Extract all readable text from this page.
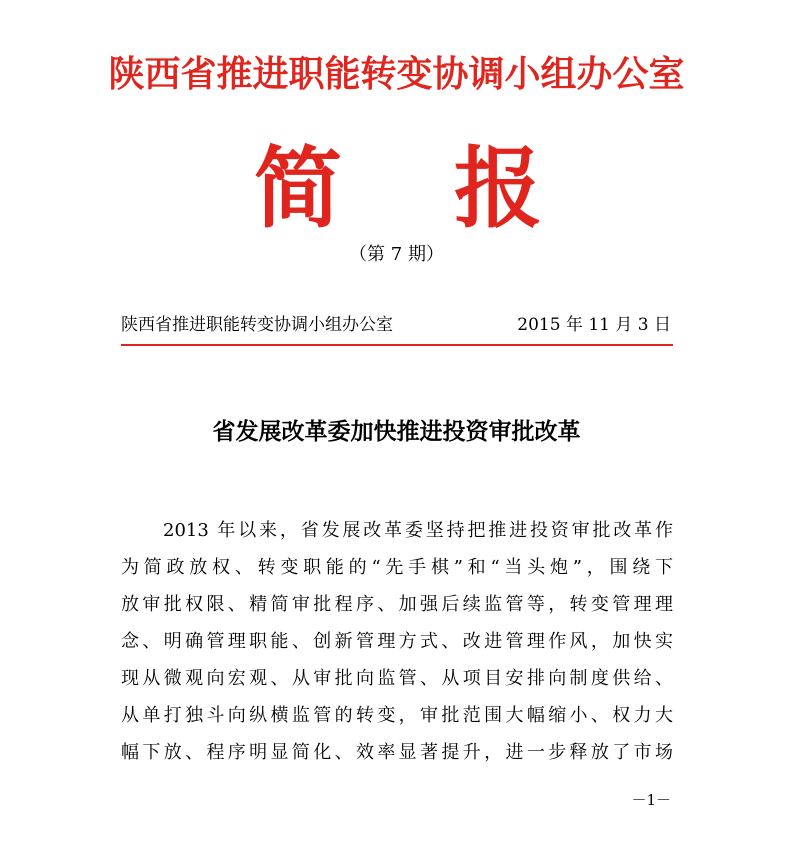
陕西省推进职能转变协调小组办公室
简 报
（第 7 期）
陕西省推进职能转变协调小组办公室	2015 年 11 月 3 日
省发展改革委加快推进投资审批改革
2013 年以来，省发展改革委坚持把推进投资审批改革作
为简政放权、转变职能的“先手棋”和“当头炮”，围绕下
放审批权限、精简审批程序、加强后续监管等，转变管理理
念、明确管理职能、创新管理方式、改进管理作风，加快实
现从微观向宏观、从审批向监管、从项目安排向制度供给、
从单打独斗向纵横监管的转变，审批范围大幅缩小、权力大
幅下放、程序明显简化、效率显著提升，进一步释放了市场
－1－
